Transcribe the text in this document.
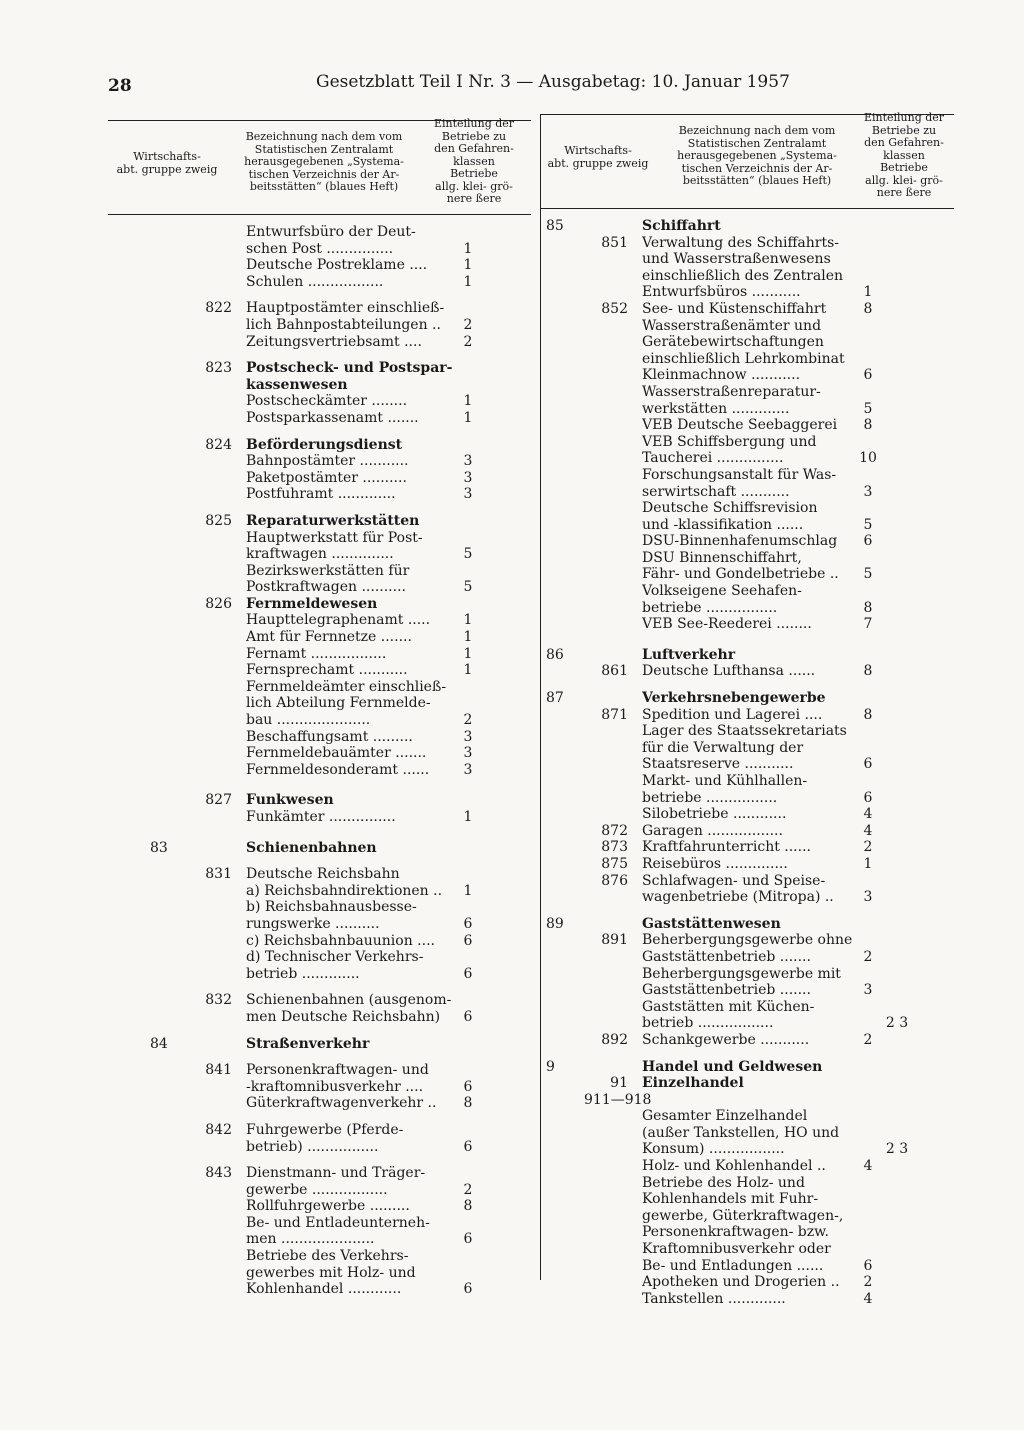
28	Gesetzblatt Teil I Nr. 3 — Ausgabetag: 10. Januar 1957
Wirtschafts-
abt. gruppe zweig
Bezeichnung nach dem vom
Statistischen Zentralamt
herausgegebenen „Systema-
tischen Verzeichnis der Ar-
beitsstätten“ (blaues Heft)
Einteilung der
Betriebe zu
den Gefahren-
klassen
Betriebe
allg. klei- grö-
nere ßere
Wirtschafts-
abt. gruppe zweig
Bezeichnung nach dem vom
Statistischen Zentralamt
herausgegebenen „Systema-
tischen Verzeichnis der Ar-
beitsstätten“ (blaues Heft)
Einteilung der
Betriebe zu
den Gefahren-
klassen
Betriebe
allg. klei- grö-
nere ßere
Entwurfsbüro der Deut-
schen Post ...............	1
Deutsche Postreklame ....	1
Schulen .................	1
822	Hauptpostämter einschließ-
lich Bahnpostabteilungen ..	2
Zeitungsvertriebsamt ....	2
823	Postscheck- und Postspar-
kassenwesen
Postscheckämter ........	1
Postsparkassenamt .......	1
824	Beförderungsdienst
Bahnpostämter ...........	3
Paketpostämter ..........	3
Postfuhramt .............	3
825	Reparaturwerkstätten
Hauptwerkstatt für Post-
kraftwagen ..............	5
Bezirkswerkstätten für
Postkraftwagen ..........	5
826	Fernmeldewesen
Haupttelegraphenamt .....	1
Amt für Fernnetze .......	1
Fernamt .................	1
Fernsprechamt ...........	1
Fernmeldeämter einschließ-
lich Abteilung Fernmelde-
bau .....................	2
Beschaffungsamt .........	3
Fernmeldebauämter .......	3
Fernmeldesonderamt ......	3
827	Funkwesen
Funkämter ...............	1
83	Schienenbahnen
831	Deutsche Reichsbahn
a) Reichsbahndirektionen ..	1
b) Reichsbahnausbesse-
rungswerke ..........	6
c) Reichsbahnbauunion ....	6
d) Technischer Verkehrs-
betrieb .............	6
832	Schienenbahnen (ausgenom-
men Deutsche Reichsbahn)	6
84	Straßenverkehr
841	Personenkraftwagen- und
-kraftomnibusverkehr ....	6
Güterkraftwagenverkehr ..	8
842	Fuhrgewerbe (Pferde-
betrieb) ................	6
843	Dienstmann- und Träger-
gewerbe .................	2
Rollfuhrgewerbe .........	8
Be- und Entladeunterneh-
men .....................	6
Betriebe des Verkehrs-
gewerbes mit Holz- und
Kohlenhandel ............	6
85	Schiffahrt
851	Verwaltung des Schiffahrts-
und Wasserstraßenwesens
einschließlich des Zentralen
Entwurfsbüros ...........	1
852	See- und Küstenschiffahrt	8
Wasserstraßenämter und
Gerätebewirtschaftungen
einschließlich Lehrkombinat
Kleinmachnow ...........	6
Wasserstraßenreparatur-
werkstätten .............	5
VEB Deutsche Seebaggerei	8
VEB Schiffsbergung und
Taucherei ...............	10
Forschungsanstalt für Was-
serwirtschaft ...........	3
Deutsche Schiffsrevision
und -klassifikation ......	5
DSU-Binnenhafenumschlag	6
DSU Binnenschiffahrt,
Fähr- und Gondelbetriebe ..	5
Volkseigene Seehafen-
betriebe ................	8
VEB See-Reederei ........	7
86	Luftverkehr
861	Deutsche Lufthansa ......	8
87	Verkehrsnebengewerbe
871	Spedition und Lagerei ....	8
Lager des Staatssekretariats
für die Verwaltung der
Staatsreserve ...........	6
Markt- und Kühlhallen-
betriebe ................	6
Silobetriebe ............	4
872	Garagen .................	4
873	Kraftfahrunterricht ......	2
875	Reisebüros ..............	1
876	Schlafwagen- und Speise-
wagenbetriebe (Mitropa) ..	3
89	Gaststättenwesen
891	Beherbergungsgewerbe ohne
Gaststättenbetrieb .......	2
Beherbergungsgewerbe mit
Gaststättenbetrieb .......	3
Gaststätten mit Küchen-
betrieb .................	2 3
892	Schankgewerbe ...........	2
9	Handel und Geldwesen
91	Einzelhandel
911—918
Gesamter Einzelhandel
(außer Tankstellen, HO und
Konsum) .................	2 3
Holz- und Kohlenhandel ..	4
Betriebe des Holz- und
Kohlenhandels mit Fuhr-
gewerbe, Güterkraftwagen-,
Personenkraftwagen- bzw.
Kraftomnibusverkehr oder
Be- und Entladungen ......	6
Apotheken und Drogerien ..	2
Tankstellen .............	4
